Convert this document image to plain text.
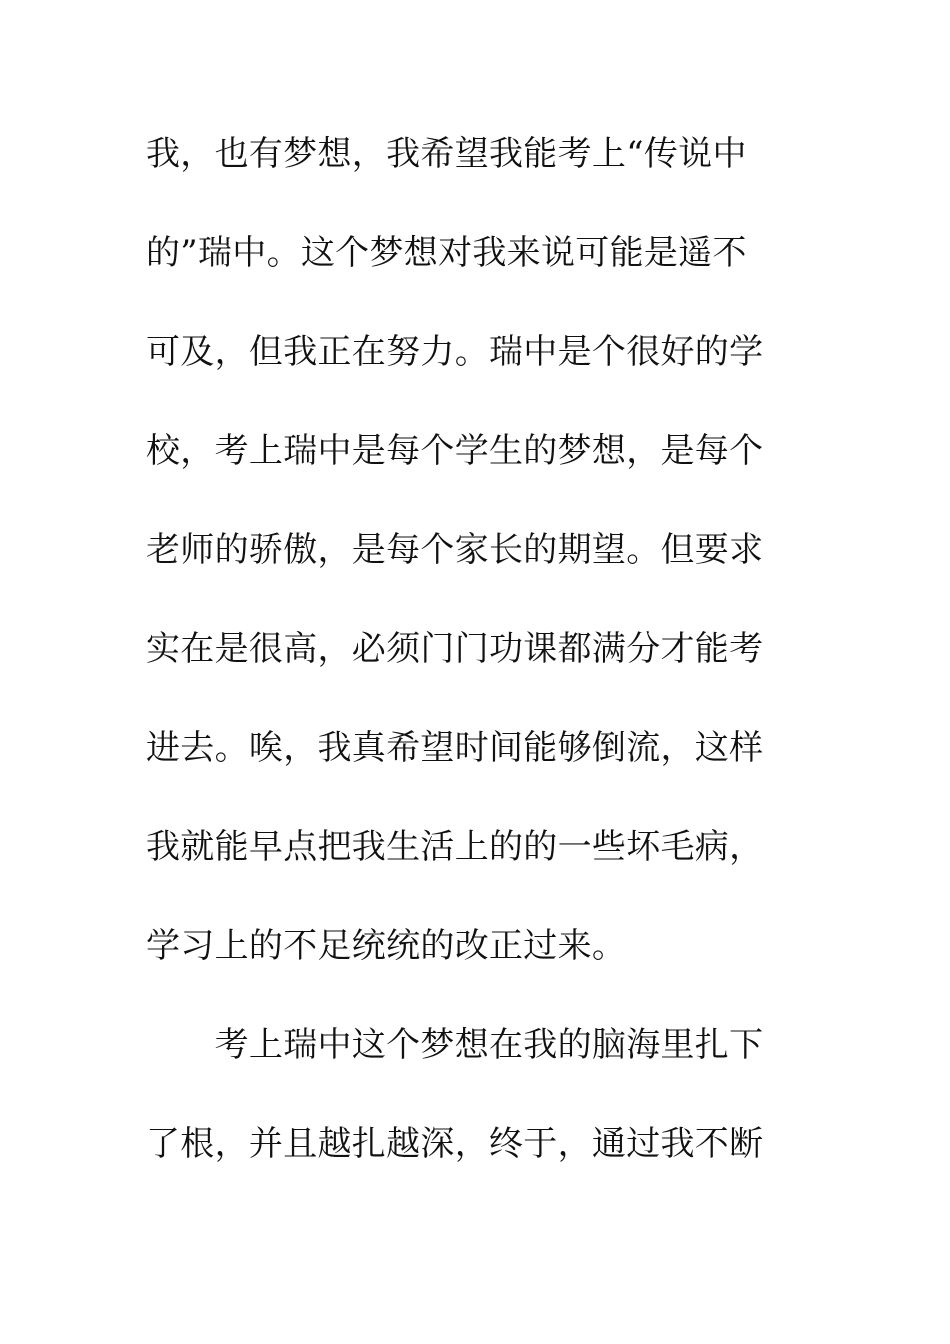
我，也有梦想，我希望我能考上“传说中
的”瑞中。这个梦想对我来说可能是遥不
可及，但我正在努力。瑞中是个很好的学
校，考上瑞中是每个学生的梦想，是每个
老师的骄傲，是每个家长的期望。但要求
实在是很高，必须门门功课都满分才能考
进去。唉，我真希望时间能够倒流，这样
我就能早点把我生活上的的一些坏毛病，
学习上的不足统统的改正过来。
　　考上瑞中这个梦想在我的脑海里扎下
了根，并且越扎越深，终于，通过我不断
